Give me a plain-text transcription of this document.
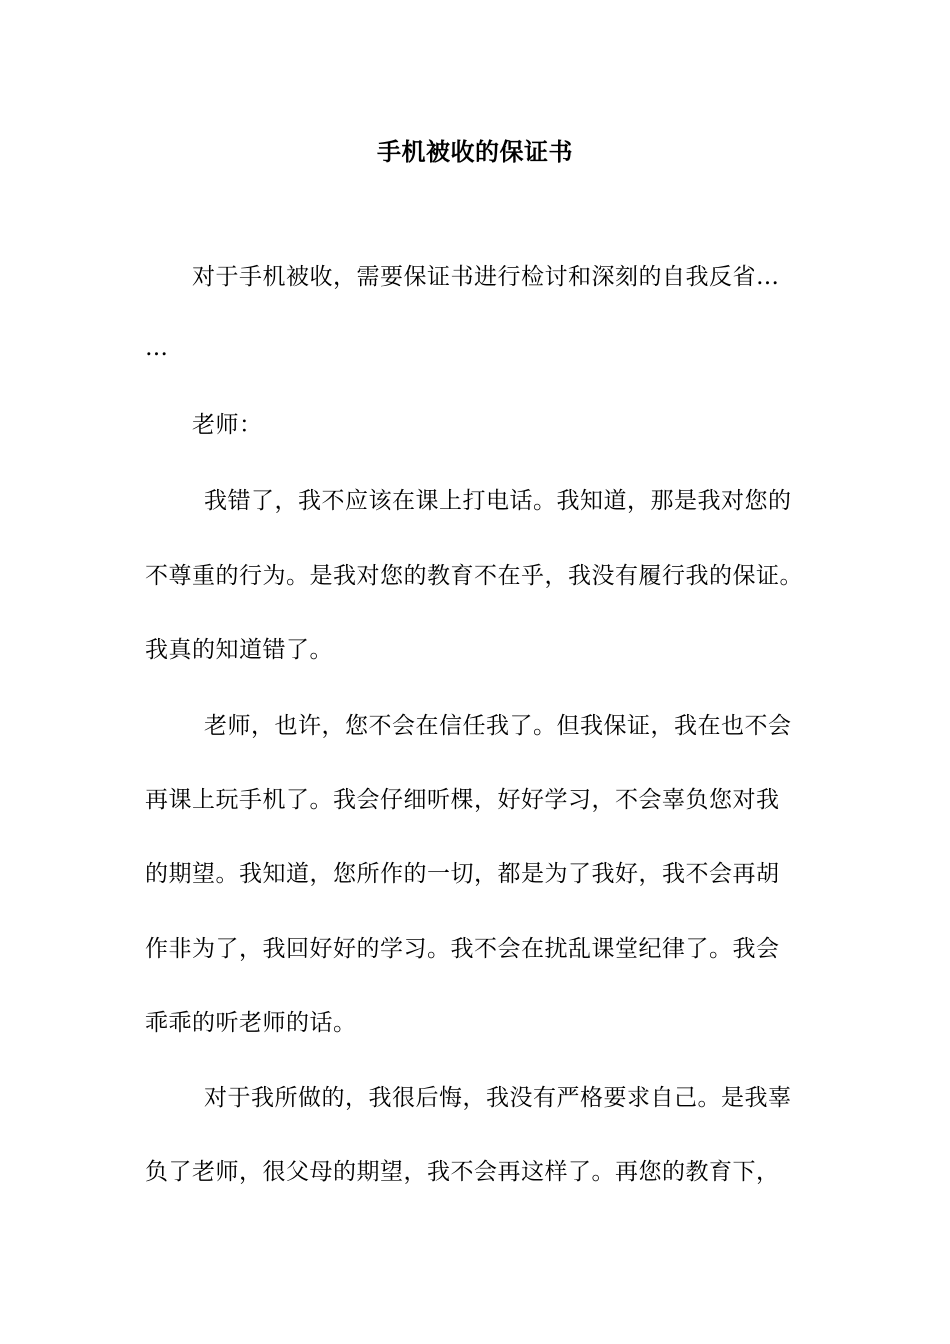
手机被收的保证书
对于手机被收，需要保证书进行检讨和深刻的自我反省…
…
老师：
我错了，我不应该在课上打电话。我知道，那是我对您的
不尊重的行为。是我对您的教育不在乎，我没有履行我的保证。
我真的知道错了。
老师，也许，您不会在信任我了。但我保证，我在也不会
再课上玩手机了。我会仔细听棵，好好学习，不会辜负您对我
的期望。我知道，您所作的一切，都是为了我好，我不会再胡
作非为了，我回好好的学习。我不会在扰乱课堂纪律了。我会
乖乖的听老师的话。
对于我所做的，我很后悔，我没有严格要求自己。是我辜
负了老师，很父母的期望，我不会再这样了。再您的教育下，
